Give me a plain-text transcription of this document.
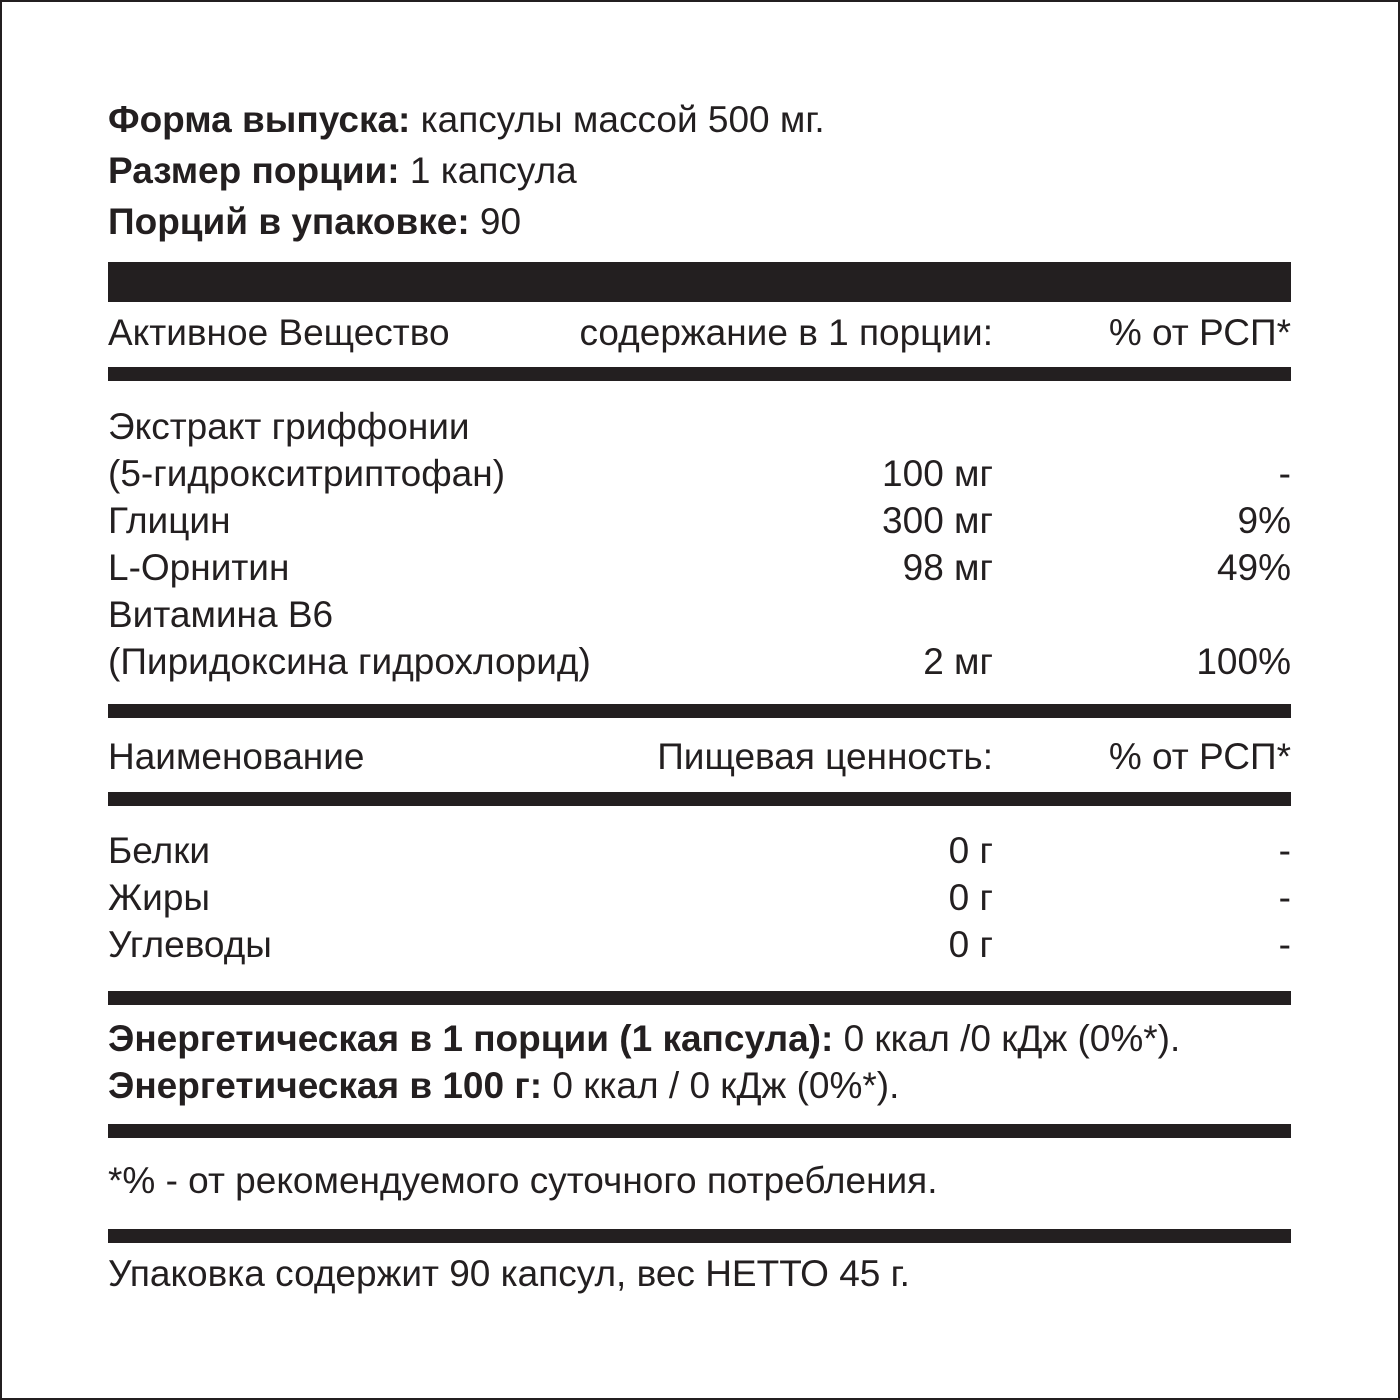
Форма выпуска: капсулы массой 500 мг.
Размер порции: 1 капсула
Порций в упаковке: 90
Активное Вещество	содержание в 1 порции:	% от РСП*
Экстракт гриффонии
(5-гидрокситриптофан)	100 мг	-
Глицин	300 мг	9%
L-Орнитин	98 мг	49%
Витамина В6
(Пиридоксина гидрохлорид)	2 мг	100%
Наименование	Пищевая ценность:	% от РСП*
Белки	0 г	-
Жиры	0 г	-
Углеводы	0 г	-
Энергетическая в 1 порции (1 капсула): 0 ккал /0 кДж (0%*).
Энергетическая в 100 г: 0 ккал / 0 кДж (0%*).
*% - от рекомендуемого суточного потребления.
Упаковка содержит 90 капсул, вес НЕТТО 45 г.
